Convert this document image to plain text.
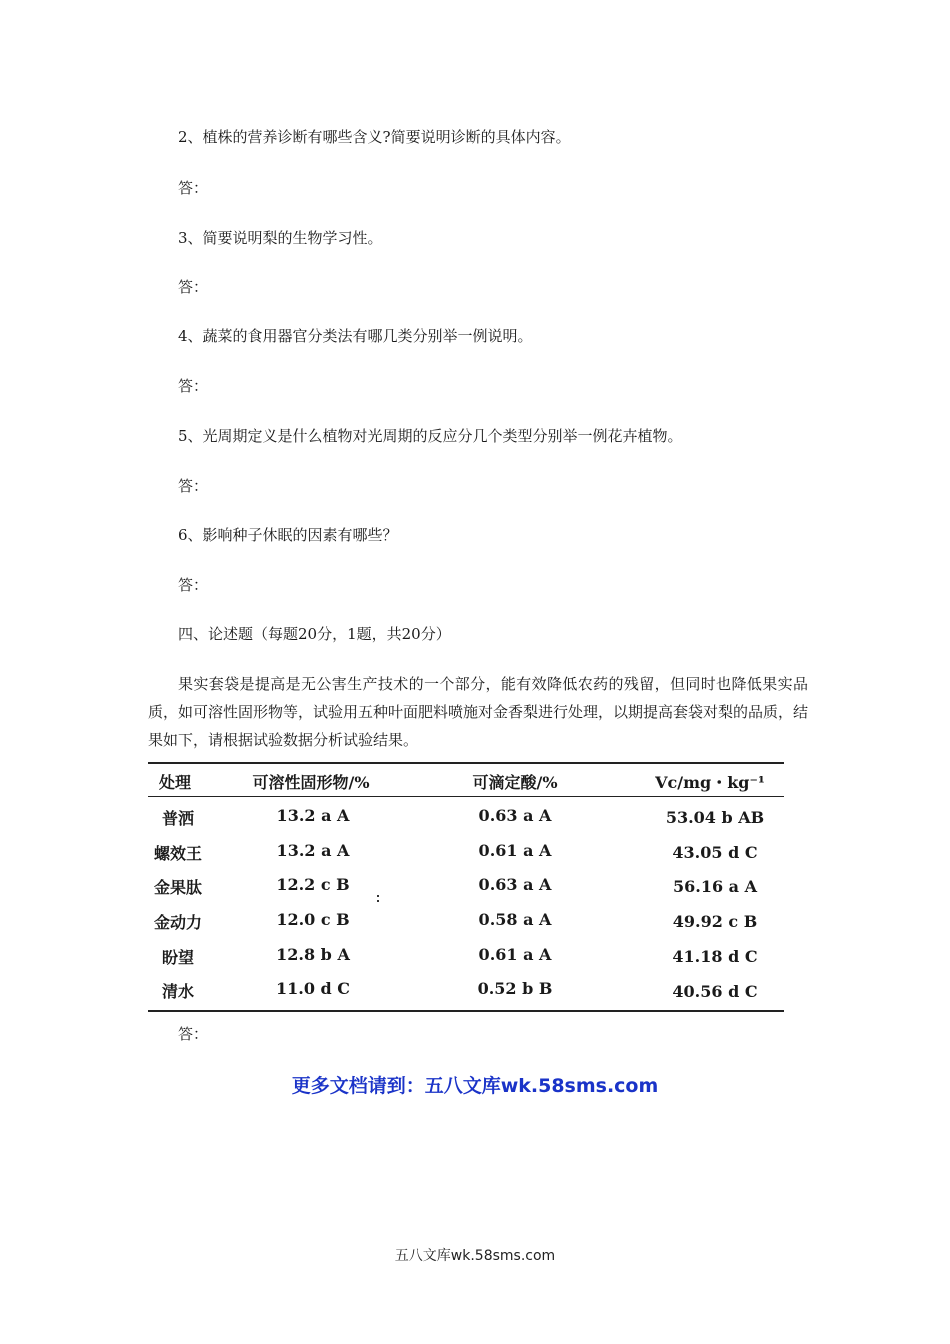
2、植株的营养诊断有哪些含义?简要说明诊断的具体内容。
答：
3、简要说明梨的生物学习性。
答：
4、蔬菜的食用器官分类法有哪几类分别举一例说明。
答：
5、光周期定义是什么植物对光周期的反应分几个类型分别举一例花卉植物。
答：
6、影响种子休眠的因素有哪些？
答：
四、论述题（每题20分，1题，共20分）
果实套袋是提高是无公害生产技术的一个部分，能有效降低农药的残留，但同时也降低果实品质，如可溶性固形物等，试验用五种叶面肥料喷施对金香梨进行处理，以期提高套袋对梨的品质，结果如下，请根据试验数据分析试验结果。
处理	可溶性固形物/%	可滴定酸/%	Vc/mg・kg⁻¹
普洒	13.2 a A	0.63 a A	53.04 b AB
螺效王	13.2 a A	0.61 a A	43.05 d C
金果肽	12.2 c B	0.63 a A	56.16 a A
金动力	12.0 c B	0.58 a A	49.92 c B
盼望	12.8 b A	0.61 a A	41.18 d C
清水	11.0 d C	0.52 b B	40.56 d C
答：
更多文档请到：五八文库wk.58sms.com
五八文库wk.58sms.com
